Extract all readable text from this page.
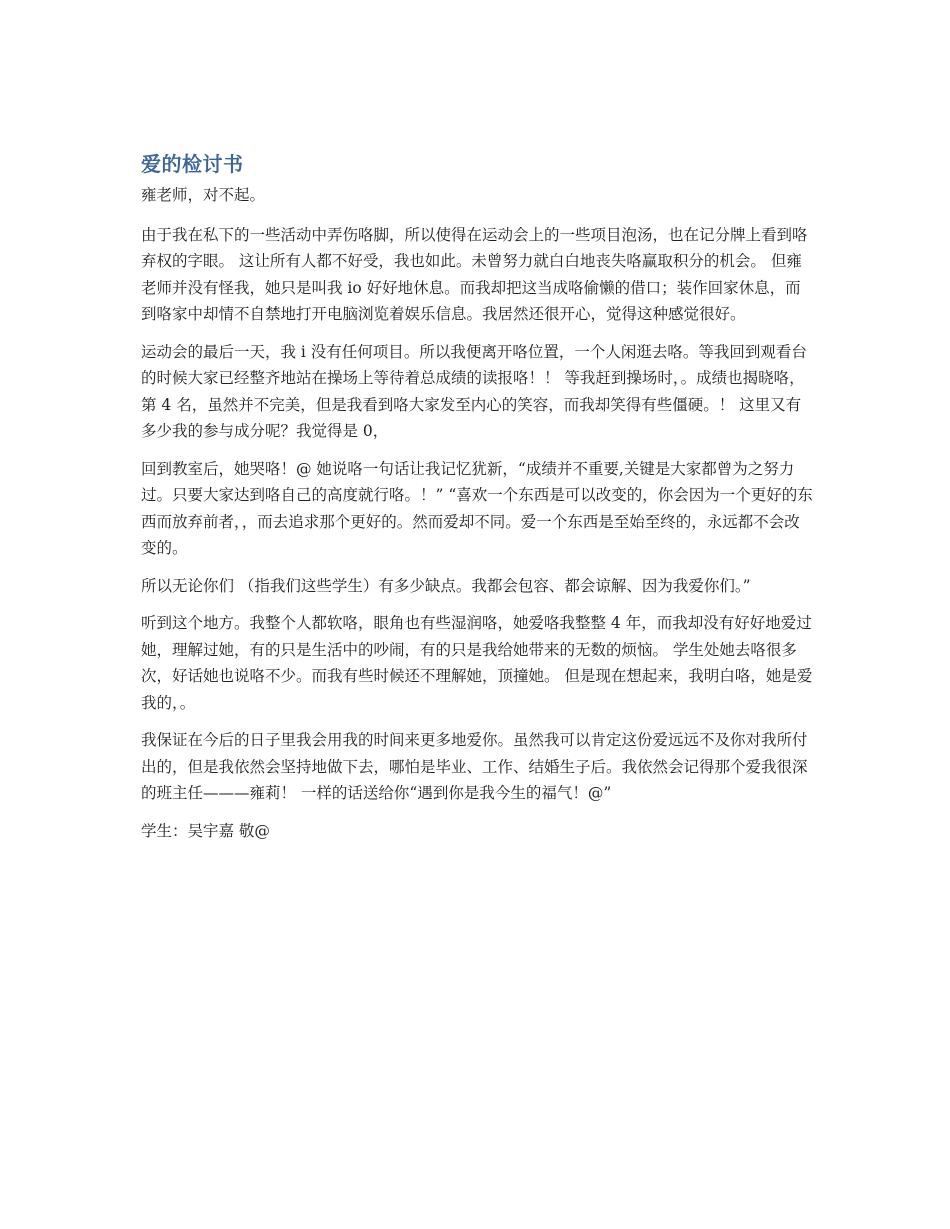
爱的检讨书

雍老师，对不起。

由于我在私下的一些活动中弄伤咯脚，所以使得在运动会上的一些项目泡汤，也在记分牌上看到咯弃权的字眼。 这让所有人都不好受，我也如此。未曾努力就白白地丧失咯赢取积分的机会。 但雍老师并没有怪我，她只是叫我 io 好好地休息。而我却把这当成咯偷懒的借口；装作回家休息，而到咯家中却情不自禁地打开电脑浏览着娱乐信息。我居然还很开心，觉得这种感觉很好。

运动会的最后一天，我 i 没有任何项目。所以我便离开咯位置，一个人闲逛去咯。等我回到观看台的时候大家已经整齐地站在操场上等待着总成绩的读报咯！！ 等我赶到操场时，。成绩也揭晓咯，第 4 名，虽然并不完美，但是我看到咯大家发至内心的笑容，而我却笑得有些僵硬。！ 这里又有多少我的参与成分呢？我觉得是 0，

回到教室后，她哭咯！@ 她说咯一句话让我记忆犹新，“成绩并不重要,关键是大家都曾为之努力过。只要大家达到咯自己的高度就行咯。！” “喜欢一个东西是可以改变的，你会因为一个更好的东西而放弃前者，，而去追求那个更好的。然而爱却不同。爱一个东西是至始至终的，永远都不会改变的。

所以无论你们 （指我们这些学生）有多少缺点。我都会包容、都会谅解、因为我爱你们。”

听到这个地方。我整个人都软咯，眼角也有些湿润咯，她爱咯我整整 4 年，而我却没有好好地爱过她，理解过她，有的只是生活中的吵闹，有的只是我给她带来的无数的烦恼。 学生处她去咯很多次，好话她也说咯不少。而我有些时候还不理解她，顶撞她。 但是现在想起来，我明白咯，她是爱我的，。

我保证在今后的日子里我会用我的时间来更多地爱你。虽然我可以肯定这份爱远远不及你对我所付出的，但是我依然会坚持地做下去，哪怕是毕业、工作、结婚生子后。我依然会记得那个爱我很深的班主任———雍莉！ 一样的话送给你“遇到你是我今生的福气！@”

学生：吴宇嘉 敬@
